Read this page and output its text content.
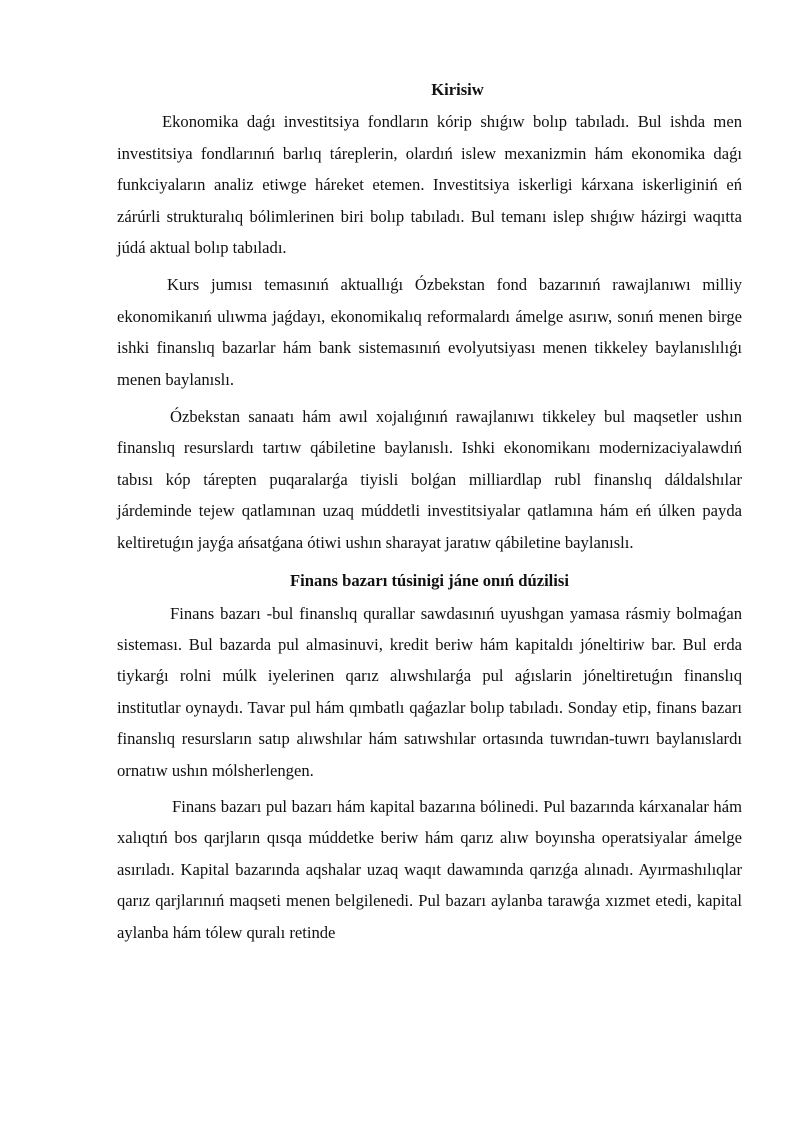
Kirisiw

Ekonomika daǵı investitsiya fondların kórip shıǵıw bolıp tabıladı. Bul ishda men investitsiya fondlarınıń barlıq táreplerin, olardıń islew mexanizmin hám ekonomika daǵı funkciyaların analiz etiwge háreket etemen. Investitsiya iskerligi kárxana iskerliginiń eń zárúrli strukturalıq bólimlerinen biri bolıp tabıladı. Bul temanı islep shıǵıw házirgi waqıtta júdá aktual bolıp tabıladı.

Kurs jumısı temasınıń aktuallıǵı Ózbekstan fond bazarınıń rawajlanıwı milliy ekonomikanıń ulıwma jaǵdayı, ekonomikalıq reformalardı ámelge asırıw, sonıń menen birge ishki finanslıq bazarlar hám bank sistemasınıń evolyutsiyası menen tikkeley baylanıslılıǵı menen baylanıslı.

Ózbekstan sanaatı hám awıl xojalıǵınıń rawajlanıwı tikkeley bul maqsetler ushın finanslıq resurslardı tartıw qábiletine baylanıslı. Ishki ekonomikanı modernizaciyalawdıń tabısı kóp tárepten puqaralarǵa tiyisli bolǵan milliardlap rubl finanslıq dáldalshılar járdeminde tejew qatlamınan uzaq múddetli investitsiyalar qatlamına hám eń úlken payda keltiretuǵın jayǵa ańsatǵana ótiwi ushın sharayat jaratıw qábiletine baylanıslı.

Finans bazarı túsinigi jáne onıń dúzilisi

Finans bazarı -bul finanslıq qurallar sawdasınıń uyushgan yamasa rásmiy bolmaǵan sisteması. Bul bazarda pul almasinuvi, kredit beriw hám kapitaldı jóneltiriw bar. Bul erda tiykarǵı rolni múlk iyelerinen qarız alıwshılarǵa pul aǵıslarin jóneltiretuǵın finanslıq institutlar oynaydı. Tavar pul hám qımbatlı qaǵazlar bolıp tabıladı. Sonday etip, finans bazarı finanslıq resursların satıp alıwshılar hám satıwshılar ortasında tuwrıdan-tuwrı baylanıslardı ornatıw ushın mólsherlengen.

Finans bazarı pul bazarı hám kapital bazarına bólinedi. Pul bazarında kárxanalar hám xalıqtıń bos qarjların qısqa múddetke beriw hám qarız alıw boyınsha operatsiyalar ámelge asırıladı. Kapital bazarında aqshalar uzaq waqıt dawamında qarızǵa alınadı. Ayırmashılıqlar qarız qarjlarınıń maqseti menen belgilenedi. Pul bazarı aylanba tarawǵa xızmet etedi, kapital aylanba hám tólew quralı retinde
